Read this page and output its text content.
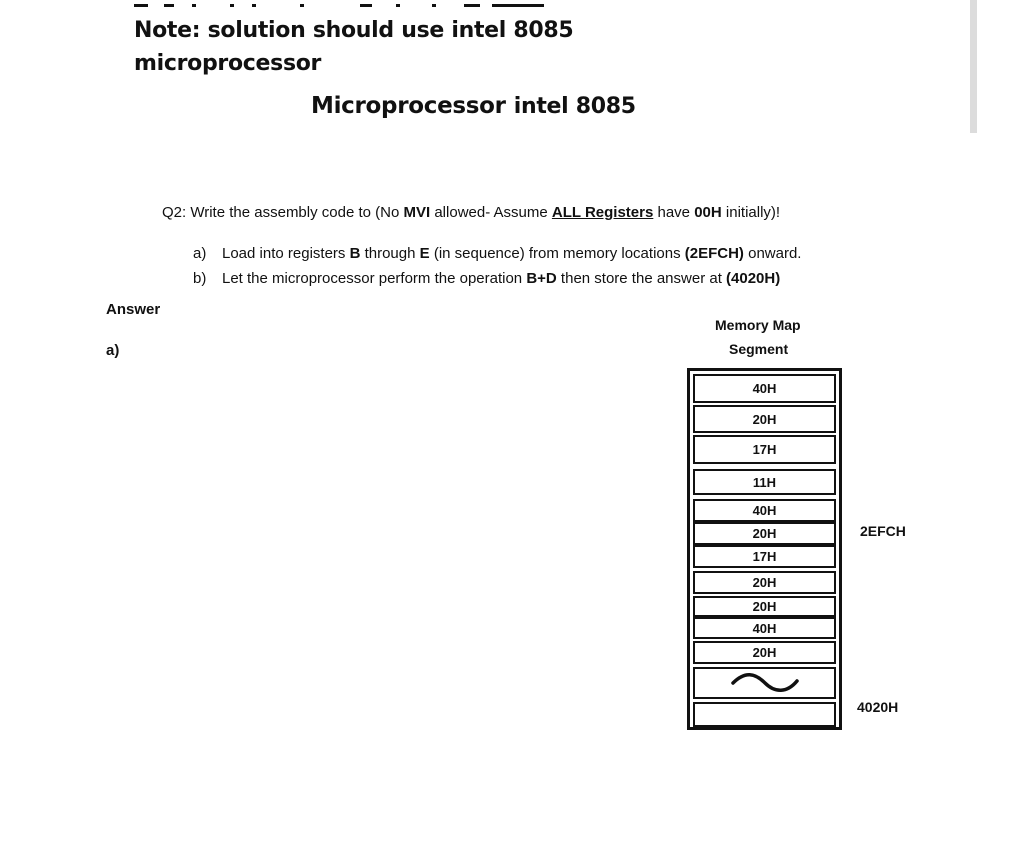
Note: solution should use intel 8085
microprocessor
Microprocessor intel 8085
Q2: Write the assembly code to (No MVI allowed- Assume ALL Registers have 00H initially)!
a) Load into registers B through E (in sequence) from memory locations (2EFCH) onward.
b) Let the microprocessor perform the operation B+D then store the answer at (4020H)
Answer
a)
Memory Map
Segment
40H
20H
17H
11H
40H
20H
17H
20H
20H
40H
20H
2EFCH
4020H
